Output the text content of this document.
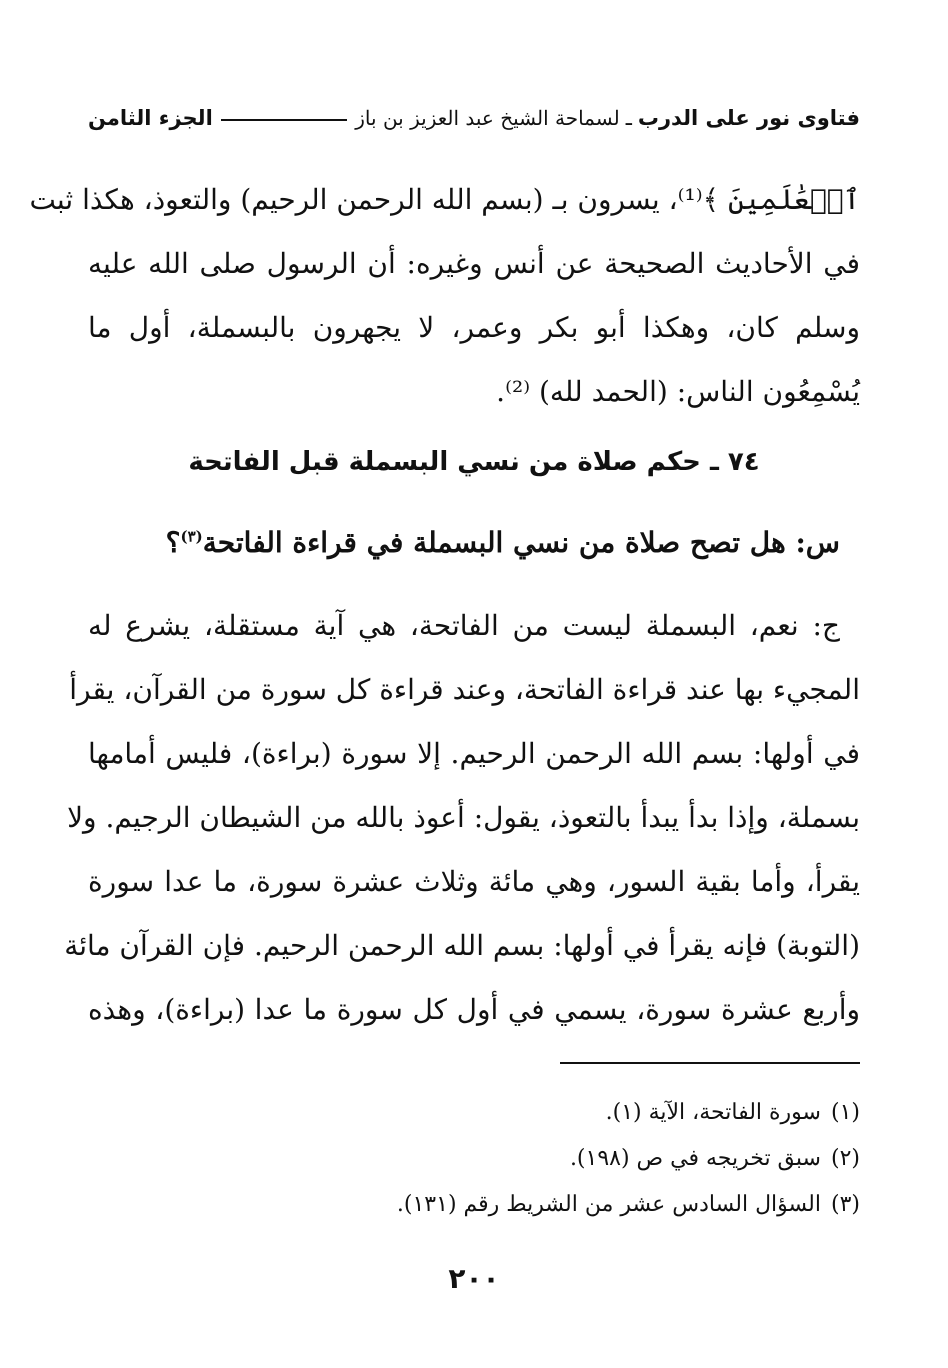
فتاوى نور على الدرب
ـ
لسماحة الشيخ عبد العزيز بن باز
الجزء الثامن
ٱلۡعَٰلَمِينَ ﴾⁽¹⁾، يسرون بـ (بسم الله الرحمن الرحيم) والتعوذ، هكذا ثبت
في الأحاديث الصحيحة عن أنس وغيره: أن الرسول صلى الله عليه
وسلم كان، وهكذا أبو بكر وعمر، لا يجهرون بالبسملة، أول ما
يُسْمِعُون الناس: (الحمد لله) ⁽²⁾.
٧٤ ـ حكم صلاة من نسي البسملة قبل الفاتحة
س: هل تصح صلاة من نسي البسملة في قراءة الفاتحة$^{(٣)}$؟
ج: نعم، البسملة ليست من الفاتحة، هي آية مستقلة، يشرع له
المجيء بها عند قراءة الفاتحة، وعند قراءة كل سورة من القرآن، يقرأ
في أولها: بسم الله الرحمن الرحيم. إلا سورة (براءة)، فليس أمامها
بسملة، وإذا بدأ يبدأ بالتعوذ، يقول: أعوذ بالله من الشيطان الرجيم. ولا
يقرأ، وأما بقية السور، وهي مائة وثلاث عشرة سورة، ما عدا سورة
(التوبة) فإنه يقرأ في أولها: بسم الله الرحمن الرحيم. فإن القرآن مائة
وأربع عشرة سورة، يسمي في أول كل سورة ما عدا (براءة)، وهذه
(١)سورة الفاتحة، الآية (١).
(٢)سبق تخريجه في ص (١٩٨).
(٣)السؤال السادس عشر من الشريط رقم (١٣١).
٢٠٠
